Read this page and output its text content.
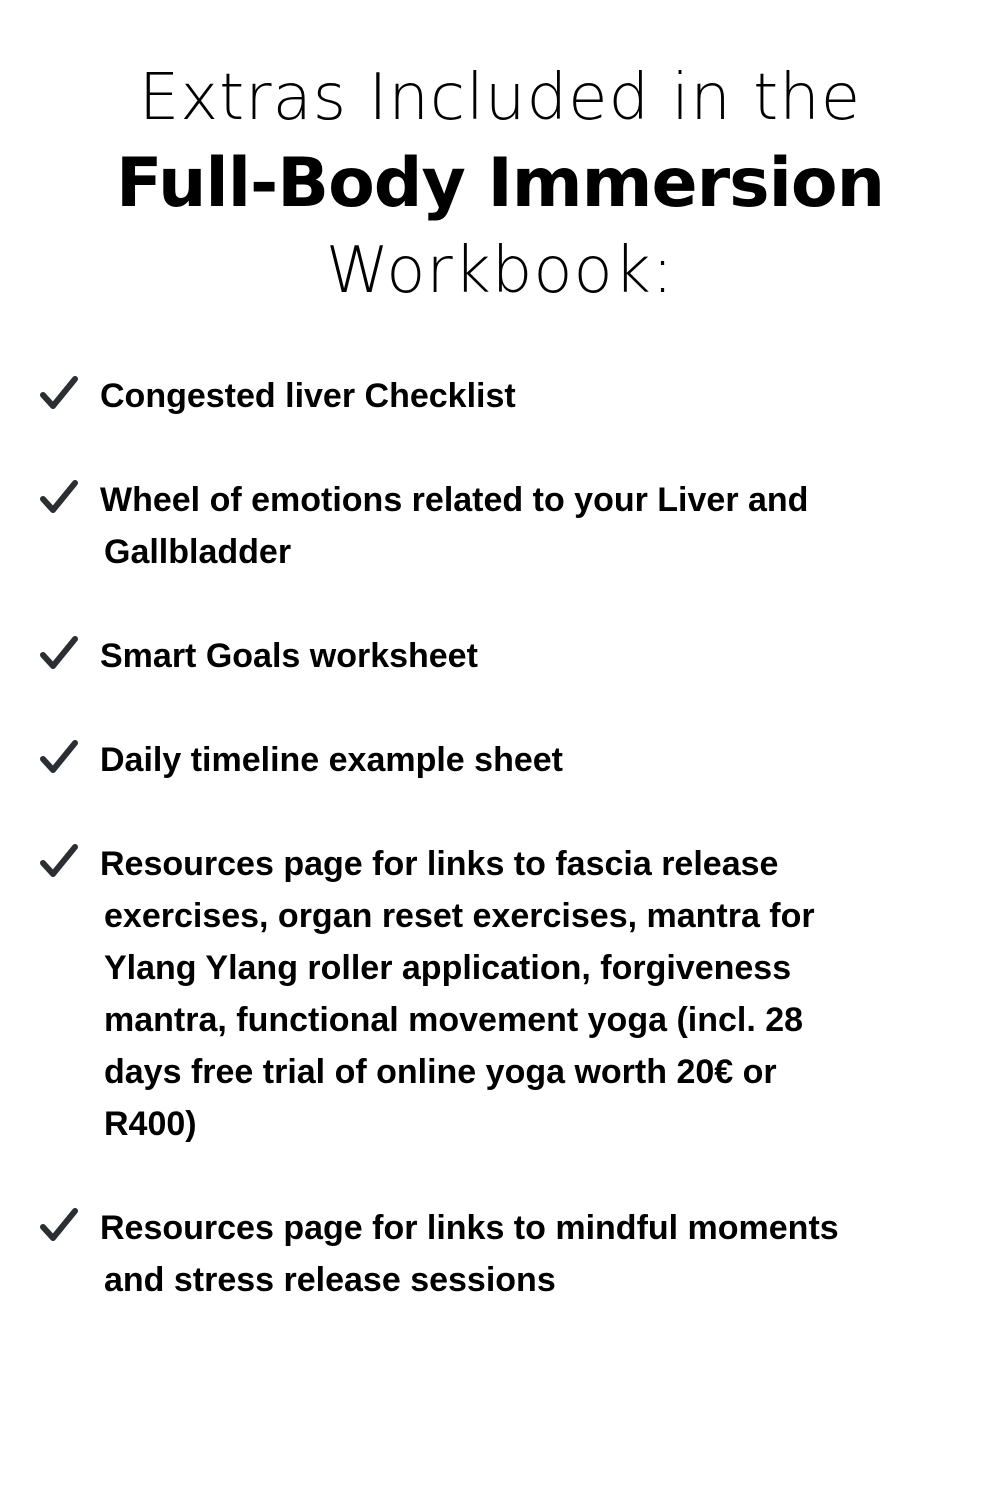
Extras Included in the
Full-Body Immersion
Workbook:
Congested liver Checklist
Wheel of emotions related to your Liver and
Gallbladder
Smart Goals worksheet
Daily timeline example sheet
Resources page for links to fascia release
exercises, organ reset exercises, mantra for
Ylang Ylang roller application, forgiveness
mantra, functional movement yoga (incl. 28
days free trial of online yoga worth 20€ or
R400)
Resources page for links to mindful moments
and stress release sessions
